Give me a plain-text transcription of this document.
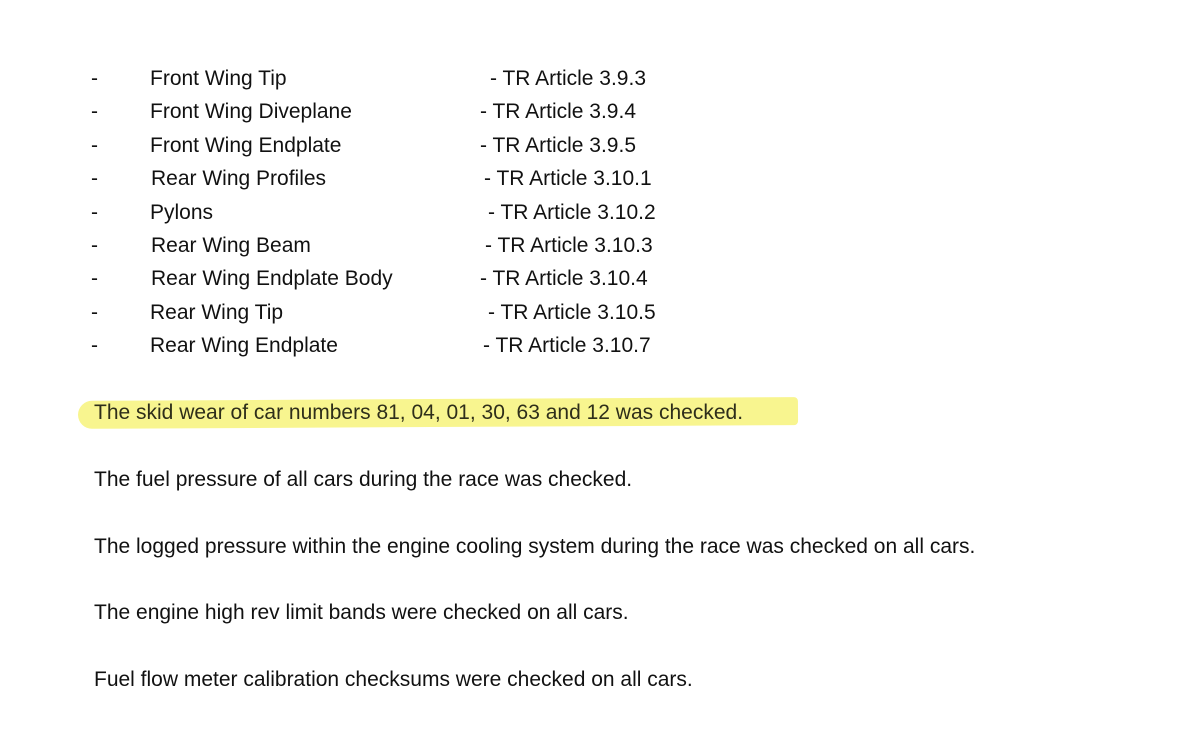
- Front Wing Tip	- TR Article 3.9.3
- Front Wing Diveplane	- TR Article 3.9.4
- Front Wing Endplate	- TR Article 3.9.5
-	Rear Wing Profiles	- TR Article 3.10.1
- Pylons	- TR Article 3.10.2
-	Rear Wing Beam	- TR Article 3.10.3
-	Rear Wing Endplate Body	- TR Article 3.10.4
- Rear Wing Tip	- TR Article 3.10.5
- Rear Wing Endplate	- TR Article 3.10.7

The skid wear of car numbers 81, 04, 01, 30, 63 and 12 was checked.

The fuel pressure of all cars during the race was checked.

The logged pressure within the engine cooling system during the race was checked on all cars.

The engine high rev limit bands were checked on all cars.

Fuel flow meter calibration checksums were checked on all cars.
